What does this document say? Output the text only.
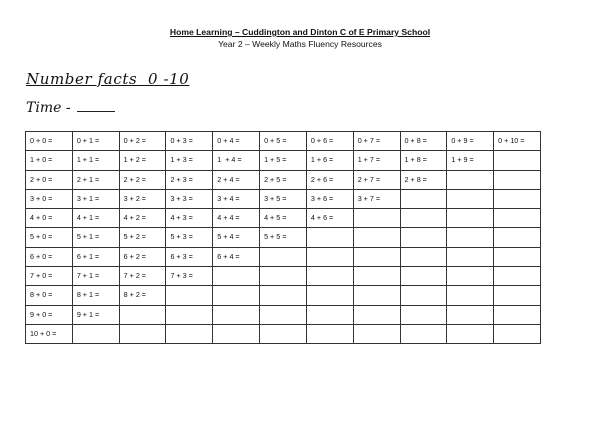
Home Learning – Cuddington and Dinton C of E Primary School
Year 2 – Weekly Maths Fluency Resources
Number facts  0 -10
Time -
0 + 0 =	0 + 1 =	0 + 2 =	0 + 3 =	0 + 4 =	0 + 5 =	0 + 6 =	0 + 7 =	0 + 8 =	0 + 9 =	0 + 10 =
1 + 0 =	1 + 1 =	1 + 2 =	1 + 3 =	1  + 4 =	1 + 5 =	1 + 6 =	1 + 7 =	1 + 8 =	1 + 9 =	
2 + 0 =	2 + 1 =	2 + 2 =	2 + 3 =	2 + 4 =	2 + 5 =	2 + 6 =	2 + 7 =	2 + 8 =		
3 + 0 =	3 + 1 =	3 + 2 =	3 + 3 =	3 + 4 =	3 + 5 =	3 + 6 =	3 + 7 =			
4 + 0 =	4 + 1 =	4 + 2 =	4 + 3 =	4 + 4 =	4 + 5 =	4 + 6 =				
5 + 0 =	5 + 1 =	5 + 2 =	5 + 3 =	5 + 4 =	5 + 5 =					
6 + 0 =	6 + 1 =	6 + 2 =	6 + 3 =	6 + 4 =						
7 + 0 =	7 + 1 =	7 + 2 =	7 + 3 =							
8 + 0 =	8 + 1 =	8 + 2 =								
9 + 0 =	9 + 1 =									
10 + 0 =										
